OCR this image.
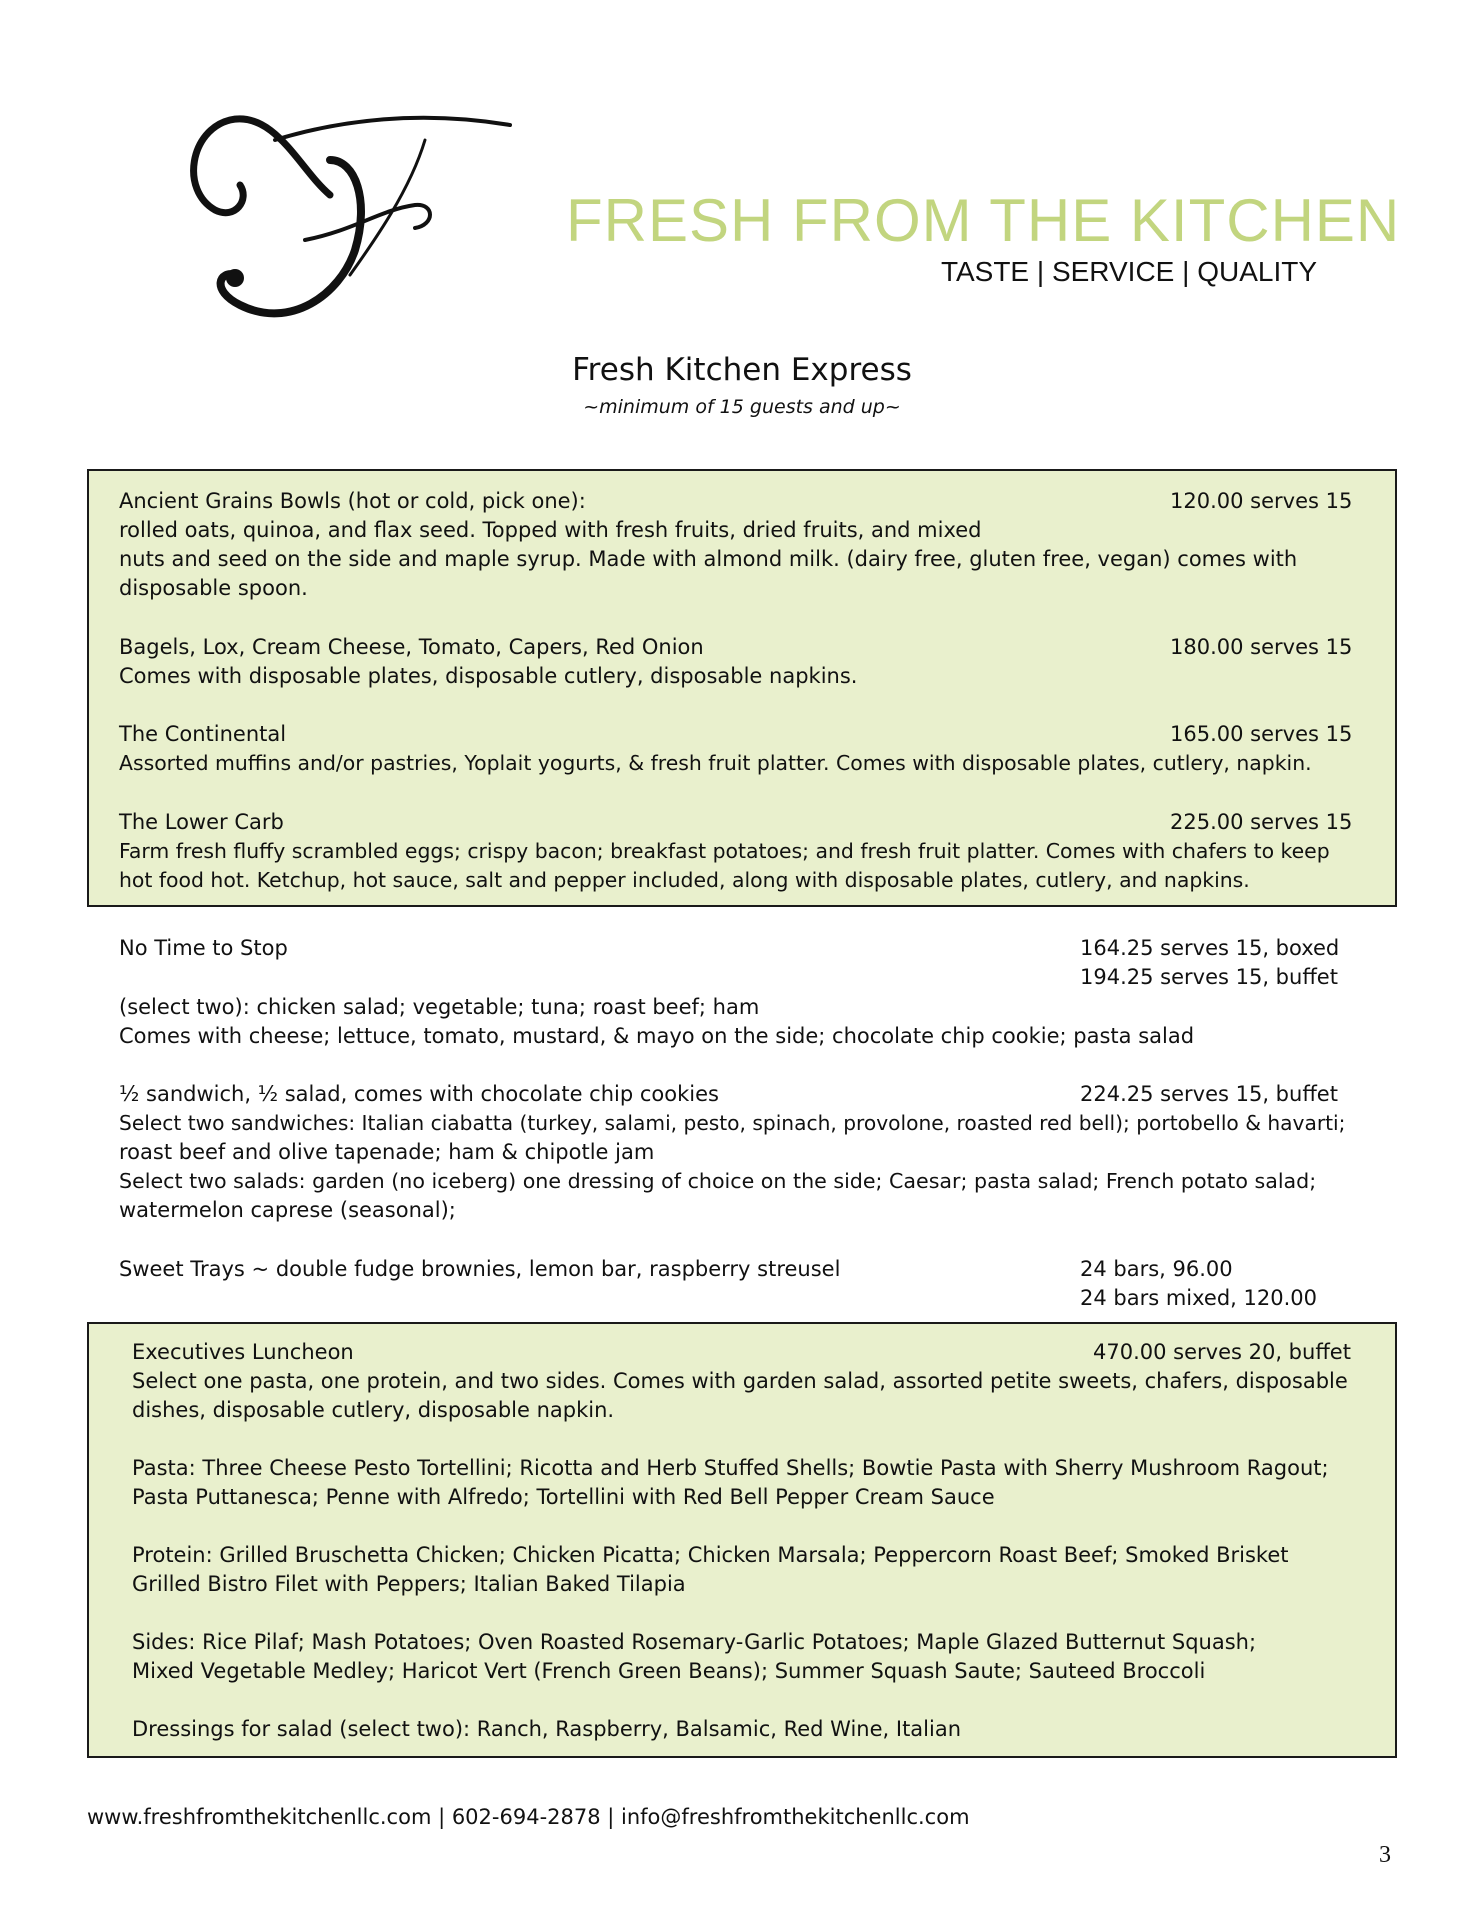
FRESH FROM THE KITCHEN
TASTE | SERVICE | QUALITY
Fresh Kitchen Express
~minimum of 15 guests and up~
Ancient Grains Bowls (hot or cold, pick one):	120.00 serves 15
rolled oats, quinoa, and flax seed. Topped with fresh fruits, dried fruits, and mixed
nuts and seed on the side and maple syrup. Made with almond milk. (dairy free, gluten free, vegan) comes with
disposable spoon.
Bagels, Lox, Cream Cheese, Tomato, Capers, Red Onion	180.00 serves 15
Comes with disposable plates, disposable cutlery, disposable napkins.
The Continental	165.00 serves 15
Assorted muffins and/or pastries, Yoplait yogurts, & fresh fruit platter. Comes with disposable plates, cutlery, napkin.
The Lower Carb	225.00 serves 15
Farm fresh fluffy scrambled eggs; crispy bacon; breakfast potatoes; and fresh fruit platter. Comes with chafers to keep
hot food hot. Ketchup, hot sauce, salt and pepper included, along with disposable plates, cutlery, and napkins.
No Time to Stop	164.25 serves 15, boxed
194.25 serves 15, buffet
(select two): chicken salad; vegetable; tuna; roast beef; ham
Comes with cheese; lettuce, tomato, mustard, & mayo on the side; chocolate chip cookie; pasta salad
½ sandwich, ½ salad, comes with chocolate chip cookies	224.25 serves 15, buffet
Select two sandwiches: Italian ciabatta (turkey, salami, pesto, spinach, provolone, roasted red bell); portobello & havarti;
roast beef and olive tapenade; ham & chipotle jam
Select two salads: garden (no iceberg) one dressing of choice on the side; Caesar; pasta salad; French potato salad;
watermelon caprese (seasonal);
Sweet Trays ~ double fudge brownies, lemon bar, raspberry streusel	24 bars, 96.00
24 bars mixed, 120.00
Executives Luncheon	470.00 serves 20, buffet
Select one pasta, one protein, and two sides. Comes with garden salad, assorted petite sweets, chafers, disposable
dishes, disposable cutlery, disposable napkin.
Pasta: Three Cheese Pesto Tortellini; Ricotta and Herb Stuffed Shells; Bowtie Pasta with Sherry Mushroom Ragout;
Pasta Puttanesca; Penne with Alfredo; Tortellini with Red Bell Pepper Cream Sauce
Protein: Grilled Bruschetta Chicken; Chicken Picatta; Chicken Marsala; Peppercorn Roast Beef; Smoked Brisket
Grilled Bistro Filet with Peppers; Italian Baked Tilapia
Sides: Rice Pilaf; Mash Potatoes; Oven Roasted Rosemary-Garlic Potatoes; Maple Glazed Butternut Squash;
Mixed Vegetable Medley; Haricot Vert (French Green Beans); Summer Squash Saute; Sauteed Broccoli
Dressings for salad (select two): Ranch, Raspberry, Balsamic, Red Wine, Italian
www.freshfromthekitchenllc.com | 602-694-2878 | info@freshfromthekitchenllc.com
3
